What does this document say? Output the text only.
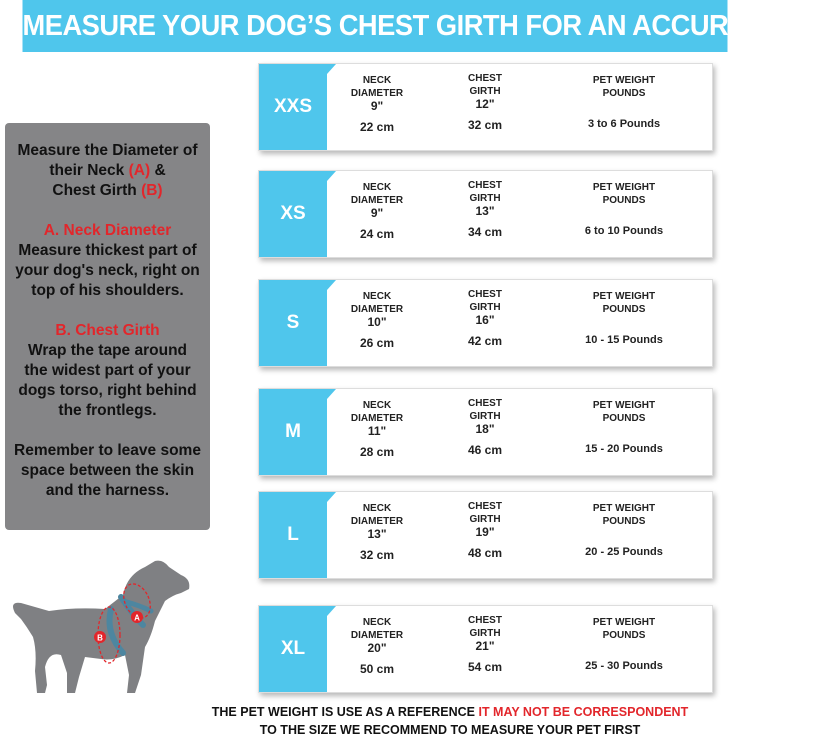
MEASURE YOUR DOG’S CHEST GIRTH FOR AN ACCURATE FIT!

Measure the Diameter of
their Neck (A) &
Chest Girth (B)

A. Neck Diameter

Measure thickest part of your dog's neck, right on top of his shoulders.

B. Chest Girth

Wrap the tape around the widest part of your dogs torso, right behind the frontlegs.

Remember to leave some space between the skin and the harness.

XXS
NECK
DIAMETER
9"
22 cm
CHEST
GIRTH
12"
32 cm
PET WEIGHT
POUNDS
3 to 6 Pounds
XS
NECK
DIAMETER
9"
24 cm
CHEST
GIRTH
13"
34 cm
PET WEIGHT
POUNDS
6 to 10 Pounds
S
NECK
DIAMETER
10"
26 cm
CHEST
GIRTH
16"
42 cm
PET WEIGHT
POUNDS
10 - 15 Pounds
M
NECK
DIAMETER
11"
28 cm
CHEST
GIRTH
18"
46 cm
PET WEIGHT
POUNDS
15 - 20 Pounds
L
NECK
DIAMETER
13"
32 cm
CHEST
GIRTH
19"
48 cm
PET WEIGHT
POUNDS
20 - 25 Pounds
XL
NECK
DIAMETER
20"
50 cm
CHEST
GIRTH
21"
54 cm
PET WEIGHT
POUNDS
25 - 30 Pounds
B
A
THE PET WEIGHT IS USE AS A REFERENCE IT MAY NOT BE CORRESPONDENT
TO THE SIZE WE RECOMMEND TO MEASURE YOUR PET FIRST
